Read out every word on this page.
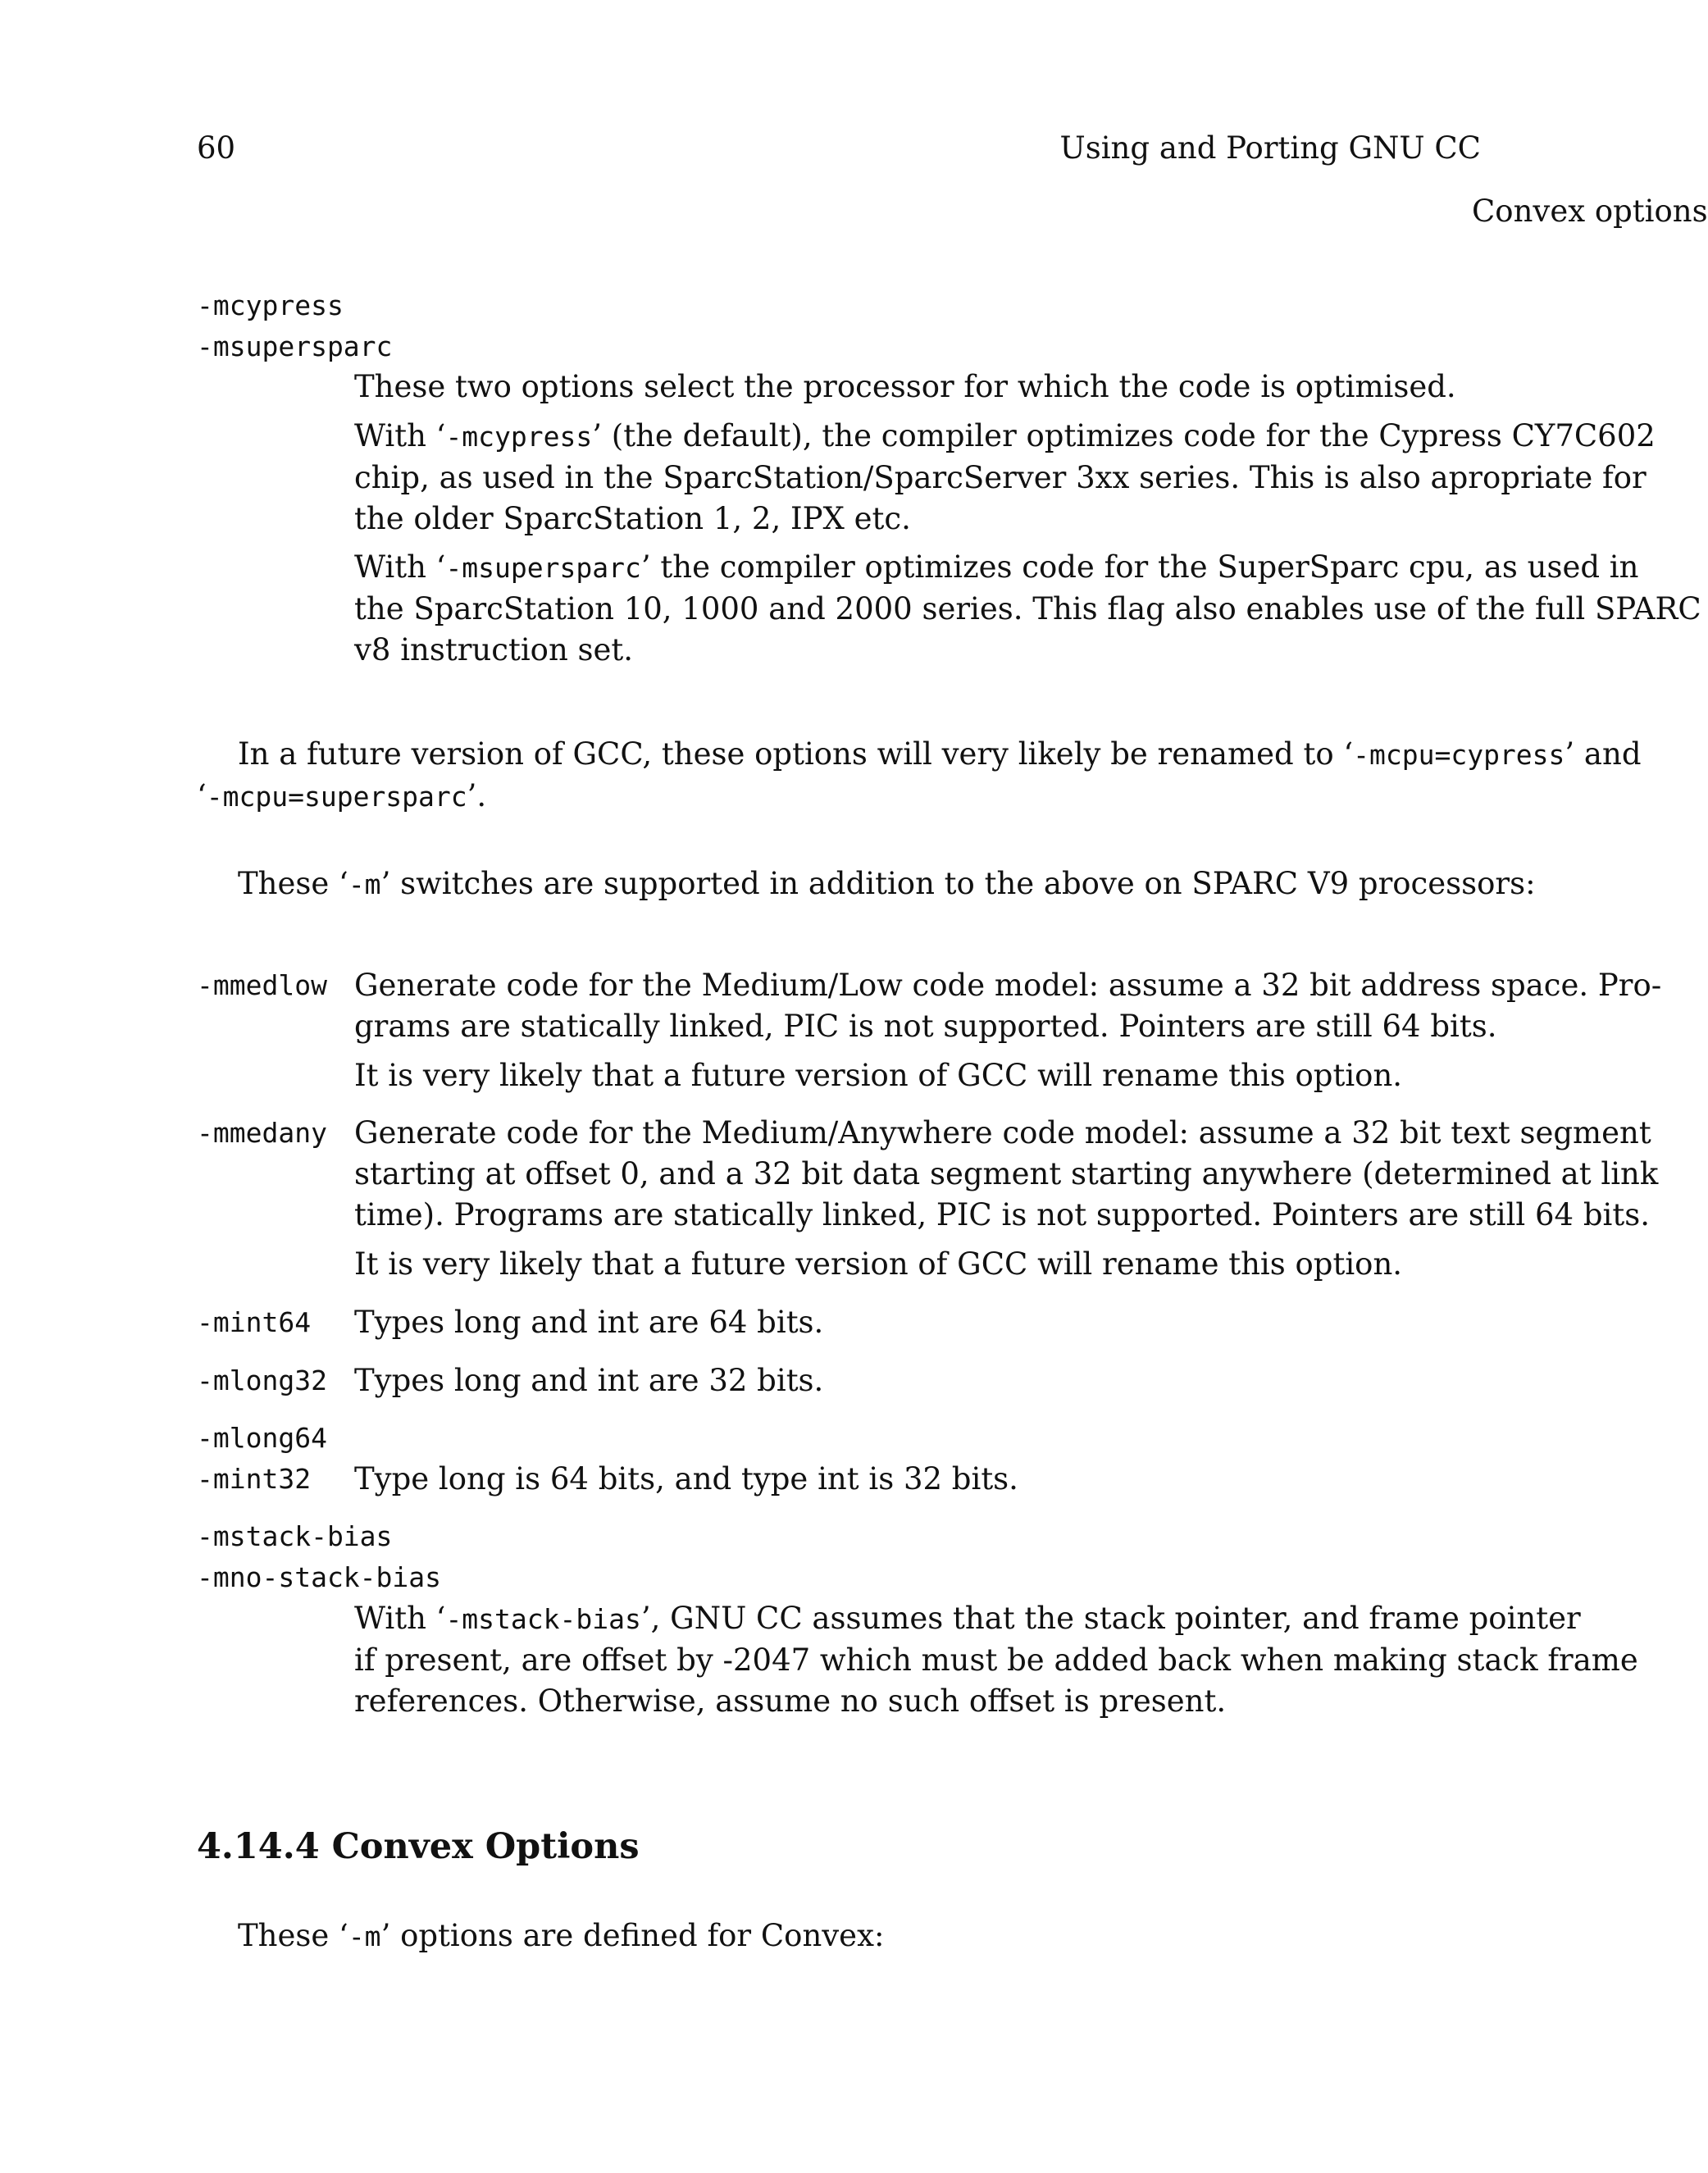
60	Using and Porting GNU CC
Convex options
-mcypress
-msupersparc
These two options select the processor for which the code is optimised.
With ‘-mcypress’ (the default), the compiler optimizes code for the Cypress CY7C602
chip, as used in the SparcStation/SparcServer 3xx series. This is also apropriate for
the older SparcStation 1, 2, IPX etc.
With ‘-msupersparc’ the compiler optimizes code for the SuperSparc cpu, as used in
the SparcStation 10, 1000 and 2000 series. This flag also enables use of the full SPARC
v8 instruction set.
In a future version of GCC, these options will very likely be renamed to ‘-mcpu=cypress’ and
‘-mcpu=supersparc’.
These ‘-m’ switches are supported in addition to the above on SPARC V9 processors:
-mmedlow Generate code for the Medium/Low code model: assume a 32 bit address space. Pro-
grams are statically linked, PIC is not supported. Pointers are still 64 bits.
It is very likely that a future version of GCC will rename this option.
-mmedany Generate code for the Medium/Anywhere code model: assume a 32 bit text segment
starting at offset 0, and a 32 bit data segment starting anywhere (determined at link
time). Programs are statically linked, PIC is not supported. Pointers are still 64 bits.
It is very likely that a future version of GCC will rename this option.
-mint64 Types long and int are 64 bits.
-mlong32 Types long and int are 32 bits.
-mlong64
-mint32 Type long is 64 bits, and type int is 32 bits.
-mstack-bias
-mno-stack-bias
With ‘-mstack-bias’, GNU CC assumes that the stack pointer, and frame pointer
if present, are offset by -2047 which must be added back when making stack frame
references. Otherwise, assume no such offset is present.
4.14.4 Convex Options
These ‘-m’ options are defined for Convex:
